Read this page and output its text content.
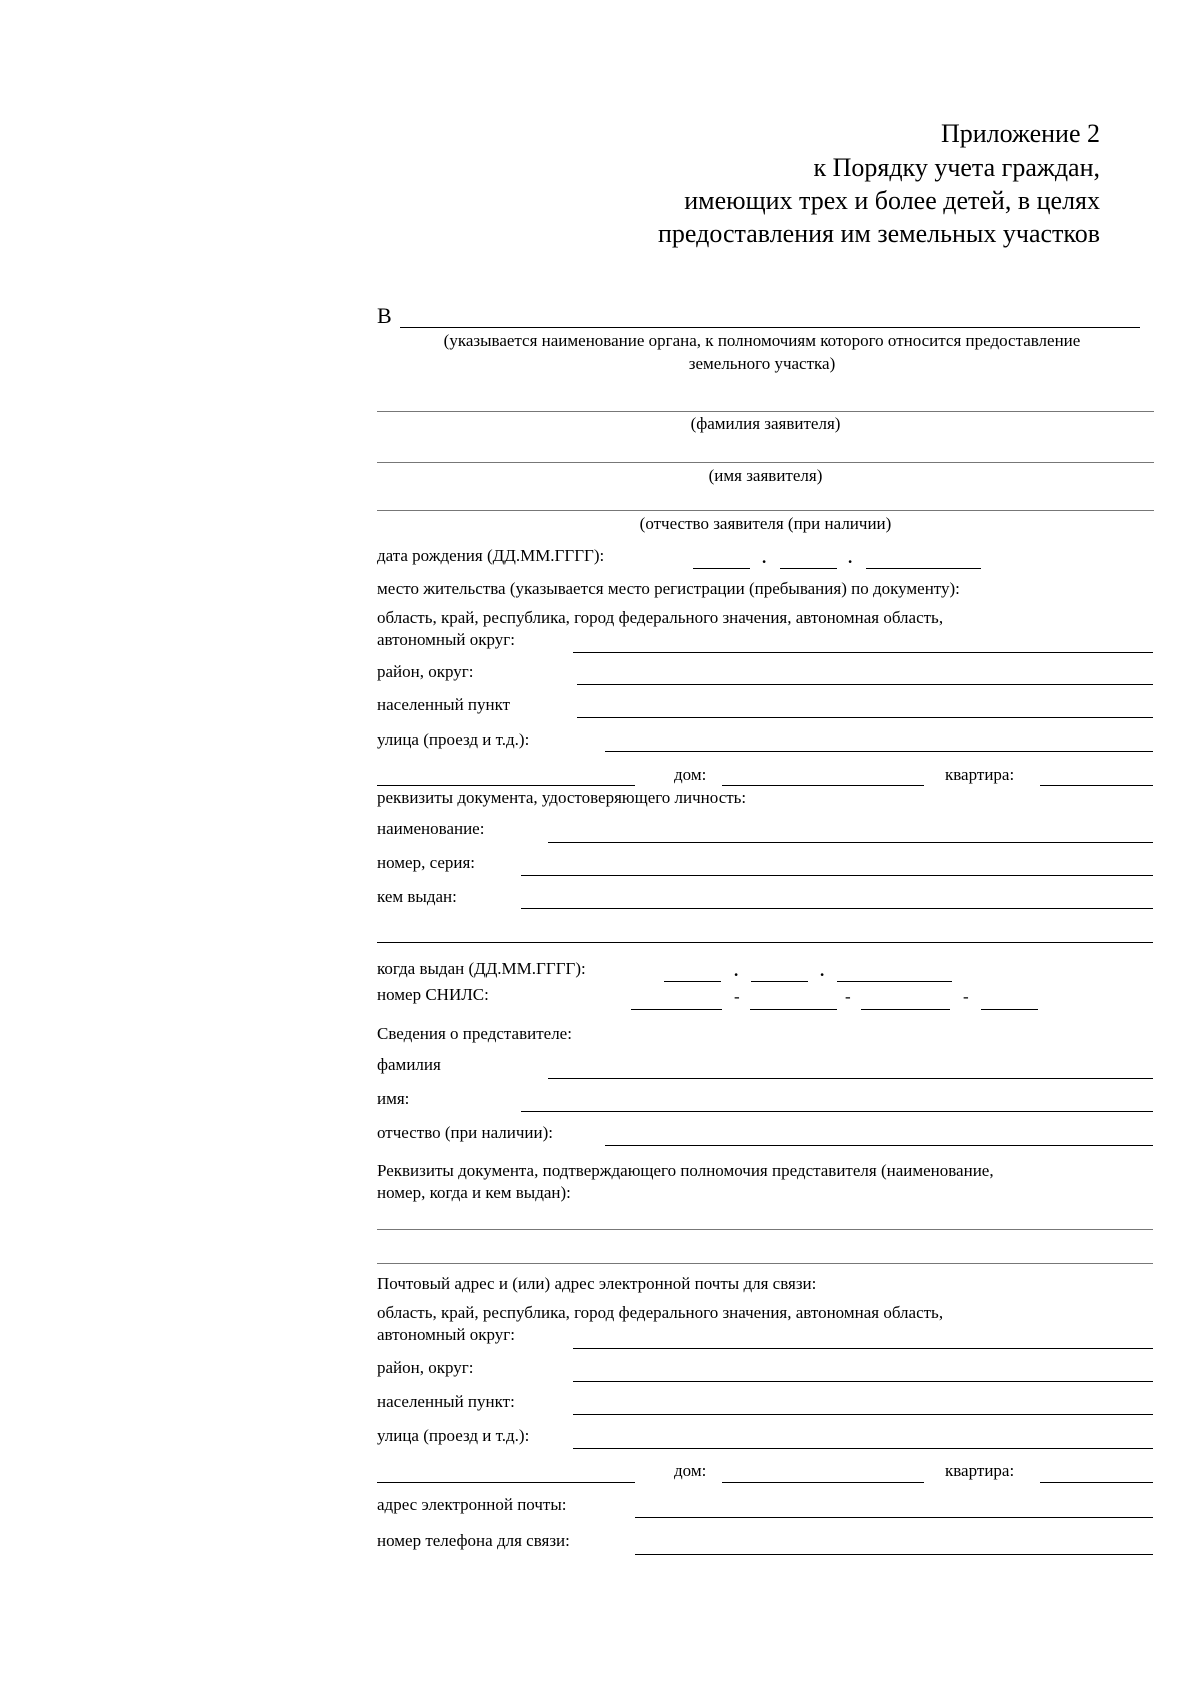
Приложение 2
к Порядку учета граждан,
имеющих трех и более детей, в целях
предоставления им земельных участков
В
(указывается наименование органа, к полномочиям которого относится предоставление
земельного участка)
(фамилия заявителя)
(имя заявителя)
(отчество заявителя (при наличии)
дата рождения (ДД.ММ.ГГГГ):	.	.
место жительства (указывается место регистрации (пребывания) по документу):
область, край, республика, город федерального значения, автономная область,
автономный округ:
район, округ:
населенный пункт
улица (проезд и т.д.):
дом:	квартира:
реквизиты документа, удостоверяющего личность:
наименование:
номер, серия:
кем выдан:
когда выдан (ДД.ММ.ГГГГ):	.	.
номер СНИЛС:	-	-	-
Сведения о представителе:
фамилия
имя:
отчество (при наличии):
Реквизиты документа, подтверждающего полномочия представителя (наименование,
номер, когда и кем выдан):
Почтовый адрес и (или) адрес электронной почты для связи:
область, край, республика, город федерального значения, автономная область,
автономный округ:
район, округ:
населенный пункт:
улица (проезд и т.д.):
дом:	квартира:
адрес электронной почты:
номер телефона для связи:
